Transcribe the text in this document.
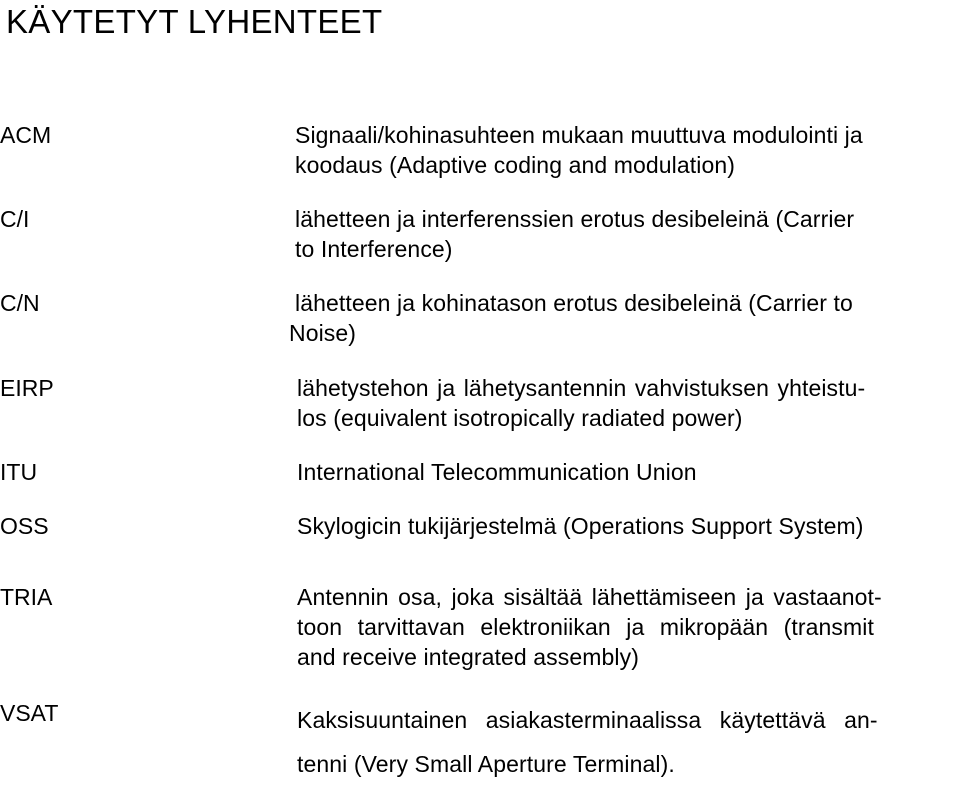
KÄYTETYT LYHENTEET
ACM	Signaali/kohinasuhteen mukaan muuttuva modulointi ja
koodaus (Adaptive coding and modulation)
C/I	lähetteen ja interferenssien erotus desibeleinä (Carrier
to Interference)
C/N	lähetteen ja kohinatason erotus desibeleinä (Carrier to
Noise)
EIRP	lähetystehon ja lähetysantennin vahvistuksen yhteistu-
los (equivalent isotropically radiated power)
ITU	International Telecommunication Union
OSS	Skylogicin tukijärjestelmä (Operations Support System)
TRIA	Antennin osa, joka sisältää lähettämiseen ja vastaanot-
toon tarvittavan elektroniikan ja mikropään (transmit
and receive integrated assembly)
VSAT	Kaksisuuntainen asiakasterminaalissa käytettävä an-
tenni (Very Small Aperture Terminal).
